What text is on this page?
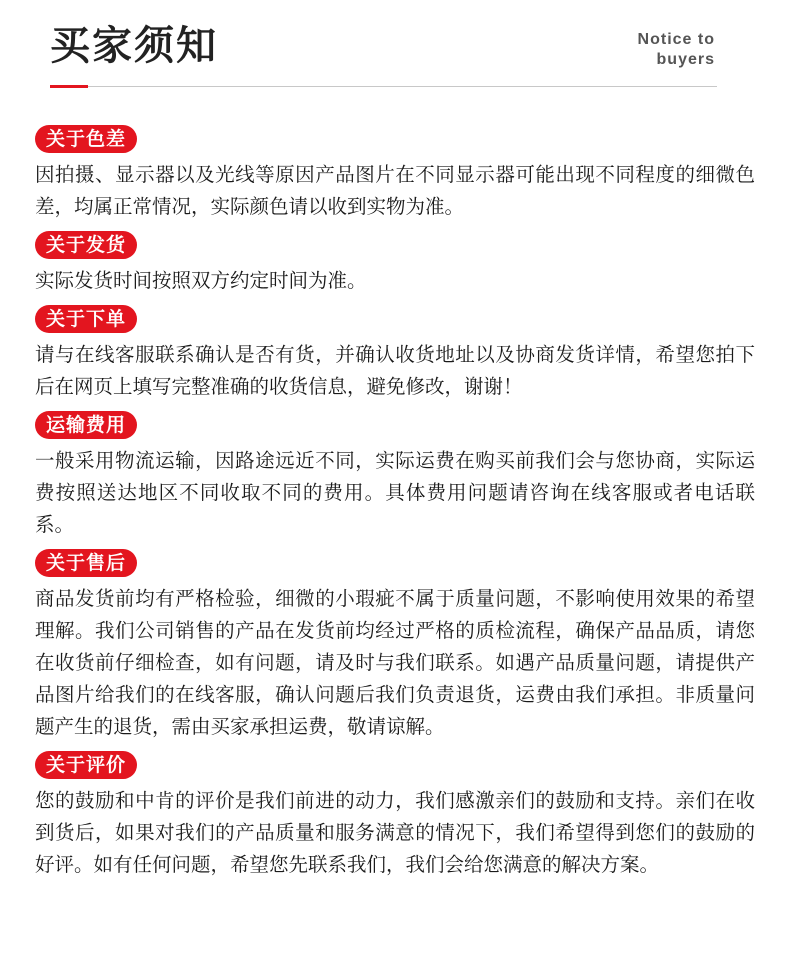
买家须知	Notice to
buyers
关于色差

因拍摄、显示器以及光线等原因产品图片在不同显示器可能出现不同程度的细微色差，均属正常情况，实际颜色请以收到实物为准。

关于发货

实际发货时间按照双方约定时间为准。

关于下单

请与在线客服联系确认是否有货，并确认收货地址以及协商发货详情，希望您拍下后在网页上填写完整准确的收货信息，避免修改，谢谢！

运输费用

一般采用物流运输，因路途远近不同，实际运费在购买前我们会与您协商，实际运费按照送达地区不同收取不同的费用。具体费用问题请咨询在线客服或者电话联系。

关于售后

商品发货前均有严格检验，细微的小瑕疵不属于质量问题，不影响使用效果的希望理解。我们公司销售的产品在发货前均经过严格的质检流程，确保产品品质，请您在收货前仔细检查，如有问题，请及时与我们联系。如遇产品质量问题，请提供产品图片给我们的在线客服，确认问题后我们负责退货，运费由我们承担。非质量问题产生的退货，需由买家承担运费，敬请谅解。

关于评价

您的鼓励和中肯的评价是我们前进的动力，我们感激亲们的鼓励和支持。亲们在收到货后，如果对我们的产品质量和服务满意的情况下，我们希望得到您们的鼓励的好评。如有任何问题，希望您先联系我们，我们会给您满意的解决方案。
